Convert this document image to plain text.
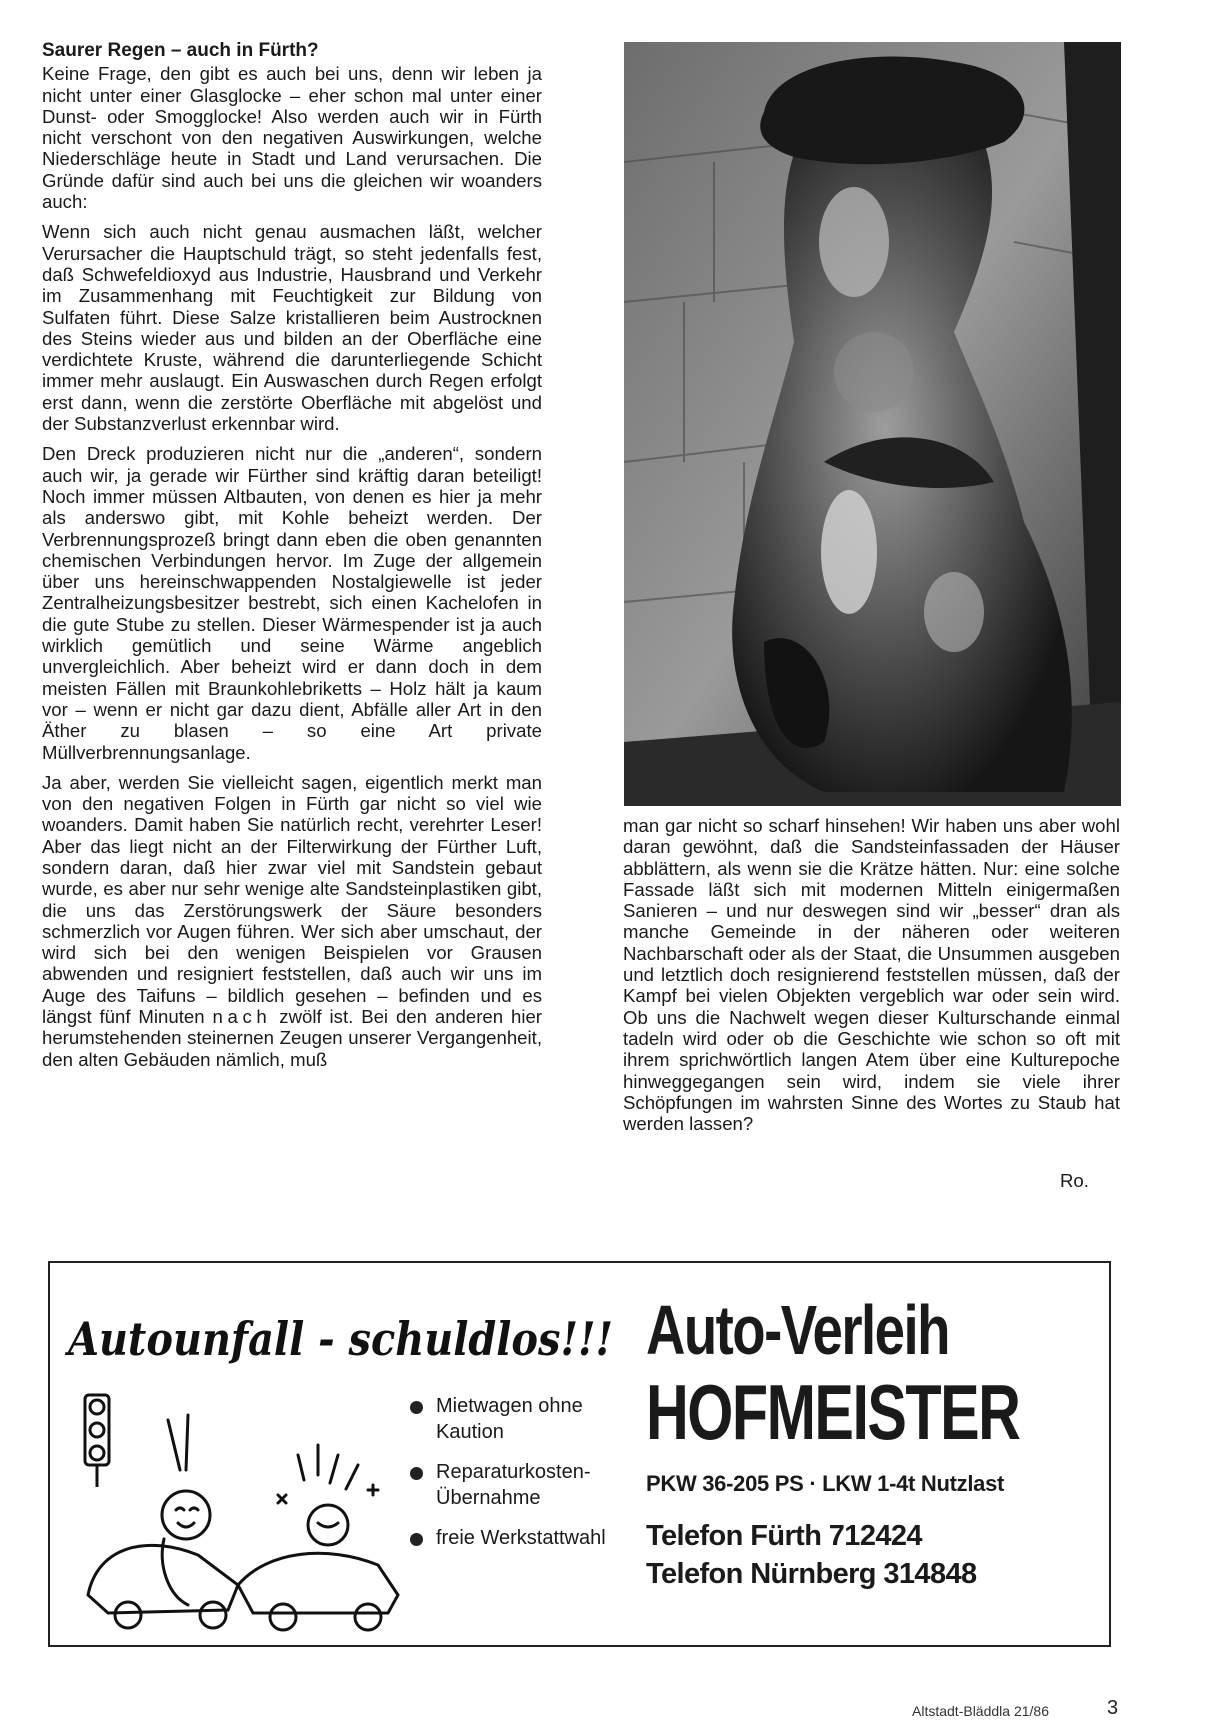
Saurer Regen – auch in Fürth?

Keine Frage, den gibt es auch bei uns, denn wir leben ja nicht unter einer Glasglocke – eher schon mal unter einer Dunst- oder Smogglocke! Also werden auch wir in Fürth nicht verschont von den negativen Auswirkungen, welche Niederschläge heute in Stadt und Land verursachen. Die Gründe dafür sind auch bei uns die gleichen wir woanders auch:

Wenn sich auch nicht genau ausmachen läßt, welcher Verursacher die Hauptschuld trägt, so steht jedenfalls fest, daß Schwefeldioxyd aus Industrie, Hausbrand und Verkehr im Zusammenhang mit Feuchtigkeit zur Bildung von Sulfaten führt. Diese Salze kristallieren beim Austrocknen des Steins wieder aus und bilden an der Oberfläche eine verdichtete Kruste, während die darunterliegende Schicht immer mehr auslaugt. Ein Auswaschen durch Regen erfolgt erst dann, wenn die zerstörte Oberfläche mit abgelöst und der Substanzverlust erkennbar wird.

Den Dreck produzieren nicht nur die „anderen“, sondern auch wir, ja gerade wir Fürther sind kräftig daran beteiligt! Noch immer müssen Altbauten, von denen es hier ja mehr als anderswo gibt, mit Kohle beheizt werden. Der Verbrennungsprozeß bringt dann eben die oben genannten chemischen Verbindungen hervor. Im Zuge der allgemein über uns hereinschwappenden Nostalgiewelle ist jeder Zentralheizungsbesitzer bestrebt, sich einen Kachelofen in die gute Stube zu stellen. Dieser Wärmespender ist ja auch wirklich gemütlich und seine Wärme angeblich unvergleichlich. Aber beheizt wird er dann doch in dem meisten Fällen mit Braunkohlebriketts – Holz hält ja kaum vor – wenn er nicht gar dazu dient, Abfälle aller Art in den Äther zu blasen – so eine Art private Müllverbrennungsanlage.

Ja aber, werden Sie vielleicht sagen, eigentlich merkt man von den negativen Folgen in Fürth gar nicht so viel wie woanders. Damit haben Sie natürlich recht, verehrter Leser! Aber das liegt nicht an der Filterwirkung der Fürther Luft, sondern daran, daß hier zwar viel mit Sandstein gebaut wurde, es aber nur sehr wenige alte Sandsteinplastiken gibt, die uns das Zerstörungswerk der Säure besonders schmerzlich vor Augen führen. Wer sich aber umschaut, der wird sich bei den wenigen Beispielen vor Grausen abwenden und resigniert feststellen, daß auch wir uns im Auge des Taifuns – bildlich gesehen – befinden und es längst fünf Minuten nach zwölf ist. Bei den anderen hier herumstehenden steinernen Zeugen unserer Vergangenheit, den alten Gebäuden nämlich, muß

man gar nicht so scharf hinsehen! Wir haben uns aber wohl daran gewöhnt, daß die Sandsteinfassaden der Häuser abblättern, als wenn sie die Krätze hätten. Nur: eine solche Fassade läßt sich mit modernen Mitteln einigermaßen Sanieren – und nur deswegen sind wir „besser“ dran als manche Gemeinde in der näheren oder weiteren Nachbarschaft oder als der Staat, die Unsummen ausgeben und letztlich doch resignierend feststellen müssen, daß der Kampf bei vielen Objekten vergeblich war oder sein wird. Ob uns die Nachwelt wegen dieser Kulturschande einmal tadeln wird oder ob die Geschichte wie schon so oft mit ihrem sprichwörtlich langen Atem über eine Kulturepoche hinweggegangen sein wird, indem sie viele ihrer Schöpfungen im wahrsten Sinne des Wortes zu Staub hat werden lassen?

Ro.
Autounfall - schuldlos!!!
Mietwagen ohne Kaution
Reparaturkosten-Übernahme
freie Werkstattwahl
Auto-Verleih
HOFMEISTER
PKW 36-205 PS · LKW 1-4t Nutzlast
Telefon Fürth 712424
Telefon Nürnberg 314848
Altstadt-Bläddla 21/86	3
